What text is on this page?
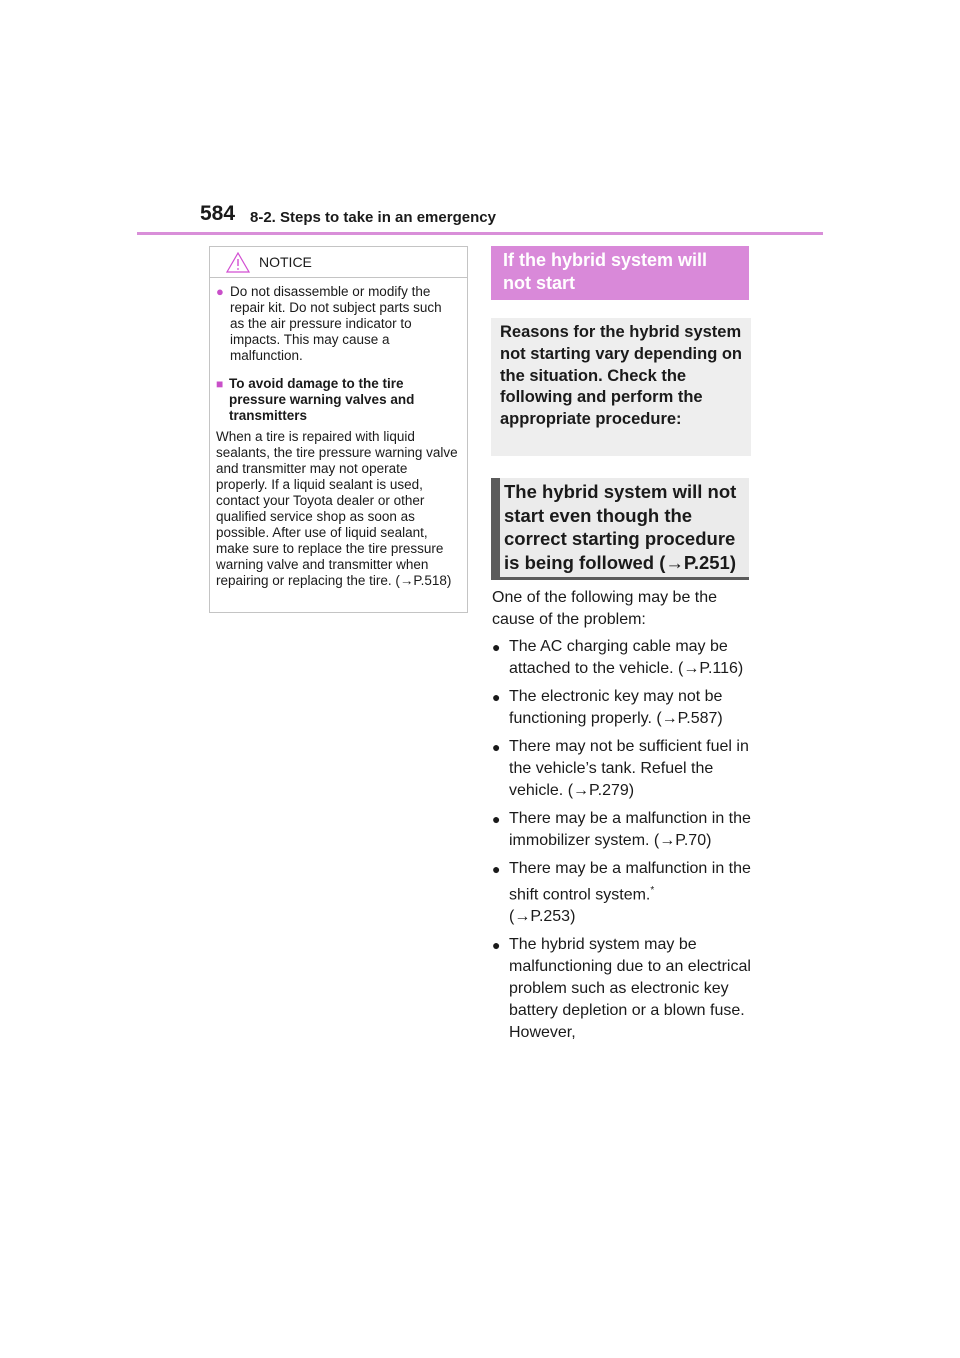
584 8-2. Steps to take in an emergency
NOTICE
● Do not disassemble or modify the repair kit. Do not subject parts such as the air pressure indicator to impacts. This may cause a malfunction.
■ To avoid damage to the tire pressure warning valves and transmitters
When a tire is repaired with liquid sealants, the tire pressure warning valve and transmitter may not operate properly. If a liquid sealant is used, contact your Toyota dealer or other qualified service shop as soon as possible. After use of liquid sealant, make sure to replace the tire pressure warning valve and transmitter when repairing or replacing the tire. (→P.518)
If the hybrid system will not start
Reasons for the hybrid system not starting vary depending on the situation. Check the following and perform the appropriate procedure:
The hybrid system will not start even though the correct starting procedure is being followed (→P.251)
One of the following may be the cause of the problem:
● The AC charging cable may be attached to the vehicle. (→P.116)
● The electronic key may not be functioning properly. (→P.587)
● There may not be sufficient fuel in the vehicle’s tank. Refuel the vehicle. (→P.279)
● There may be a malfunction in the immobilizer system. (→P.70)
● There may be a malfunction in the shift control system.*
(→P.253)
● The hybrid system may be malfunctioning due to an electrical problem such as electronic key battery depletion or a blown fuse. However,
